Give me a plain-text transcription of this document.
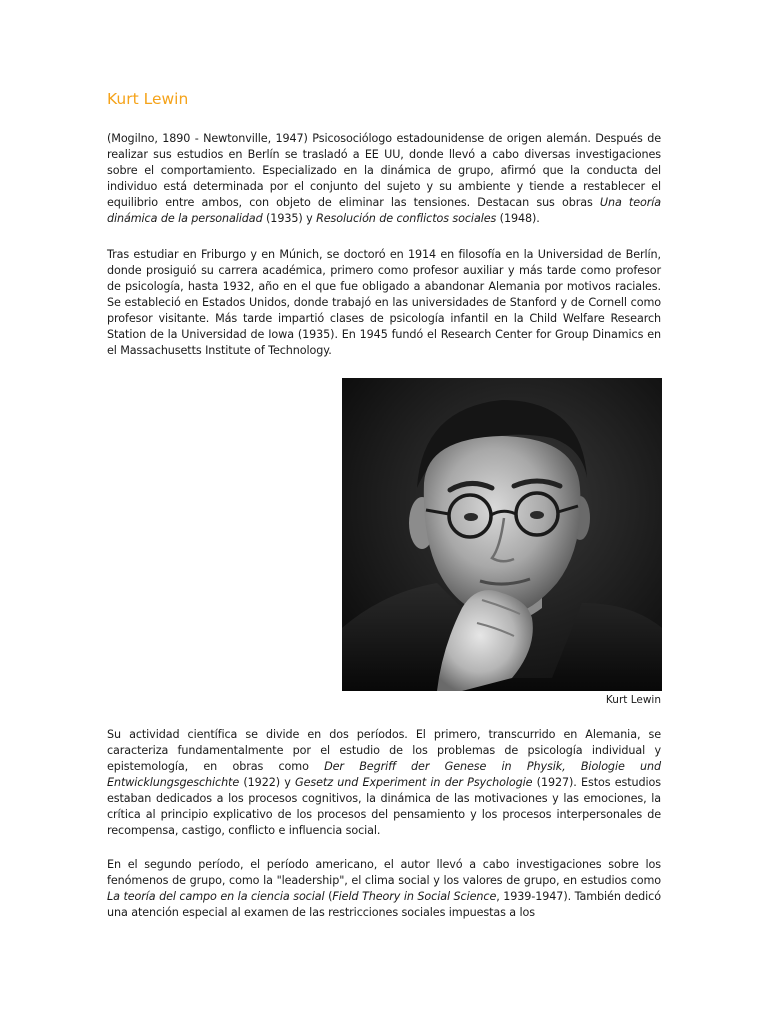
Kurt Lewin

(Mogilno, 1890 - Newtonville, 1947) Psicosociólogo estadounidense de origen alemán. Después de realizar sus estudios en Berlín se trasladó a EE UU, donde llevó a cabo diversas investigaciones sobre el comportamiento. Especializado en la dinámica de grupo, afirmó que la conducta del individuo está determinada por el conjunto del sujeto y su ambiente y tiende a restablecer el equilibrio entre ambos, con objeto de eliminar las tensiones. Destacan sus obras Una teoría dinámica de la personalidad (1935) y Resolución de conflictos sociales (1948).

Tras estudiar en Friburgo y en Múnich, se doctoró en 1914 en filosofía en la Universidad de Berlín, donde prosiguió su carrera académica, primero como profesor auxiliar y más tarde como profesor de psicología, hasta 1932, año en el que fue obligado a abandonar Alemania por motivos raciales. Se estableció en Estados Unidos, donde trabajó en las universidades de Stanford y de Cornell como profesor visitante. Más tarde impartió clases de psicología infantil en la Child Welfare Research Station de la Universidad de Iowa (1935). En 1945 fundó el Research Center for Group Dinamics en el Massachusetts Institute of Technology.

Kurt Lewin

Su actividad científica se divide en dos períodos. El primero, transcurrido en Alemania, se caracteriza fundamentalmente por el estudio de los problemas de psicología individual y epistemología, en obras como Der Begriff der Genese in Physik, Biologie und Entwicklungsgeschichte (1922) y Gesetz und Experiment in der Psychologie (1927). Estos estudios estaban dedicados a los procesos cognitivos, la dinámica de las motivaciones y las emociones, la crítica al principio explicativo de los procesos del pensamiento y los procesos interpersonales de recompensa, castigo, conflicto e influencia social.

En el segundo período, el período americano, el autor llevó a cabo investigaciones sobre los fenómenos de grupo, como la "leadership", el clima social y los valores de grupo, en estudios como La teoría del campo en la ciencia social (Field Theory in Social Science, 1939-1947). También dedicó una atención especial al examen de las restricciones sociales impuestas a los
